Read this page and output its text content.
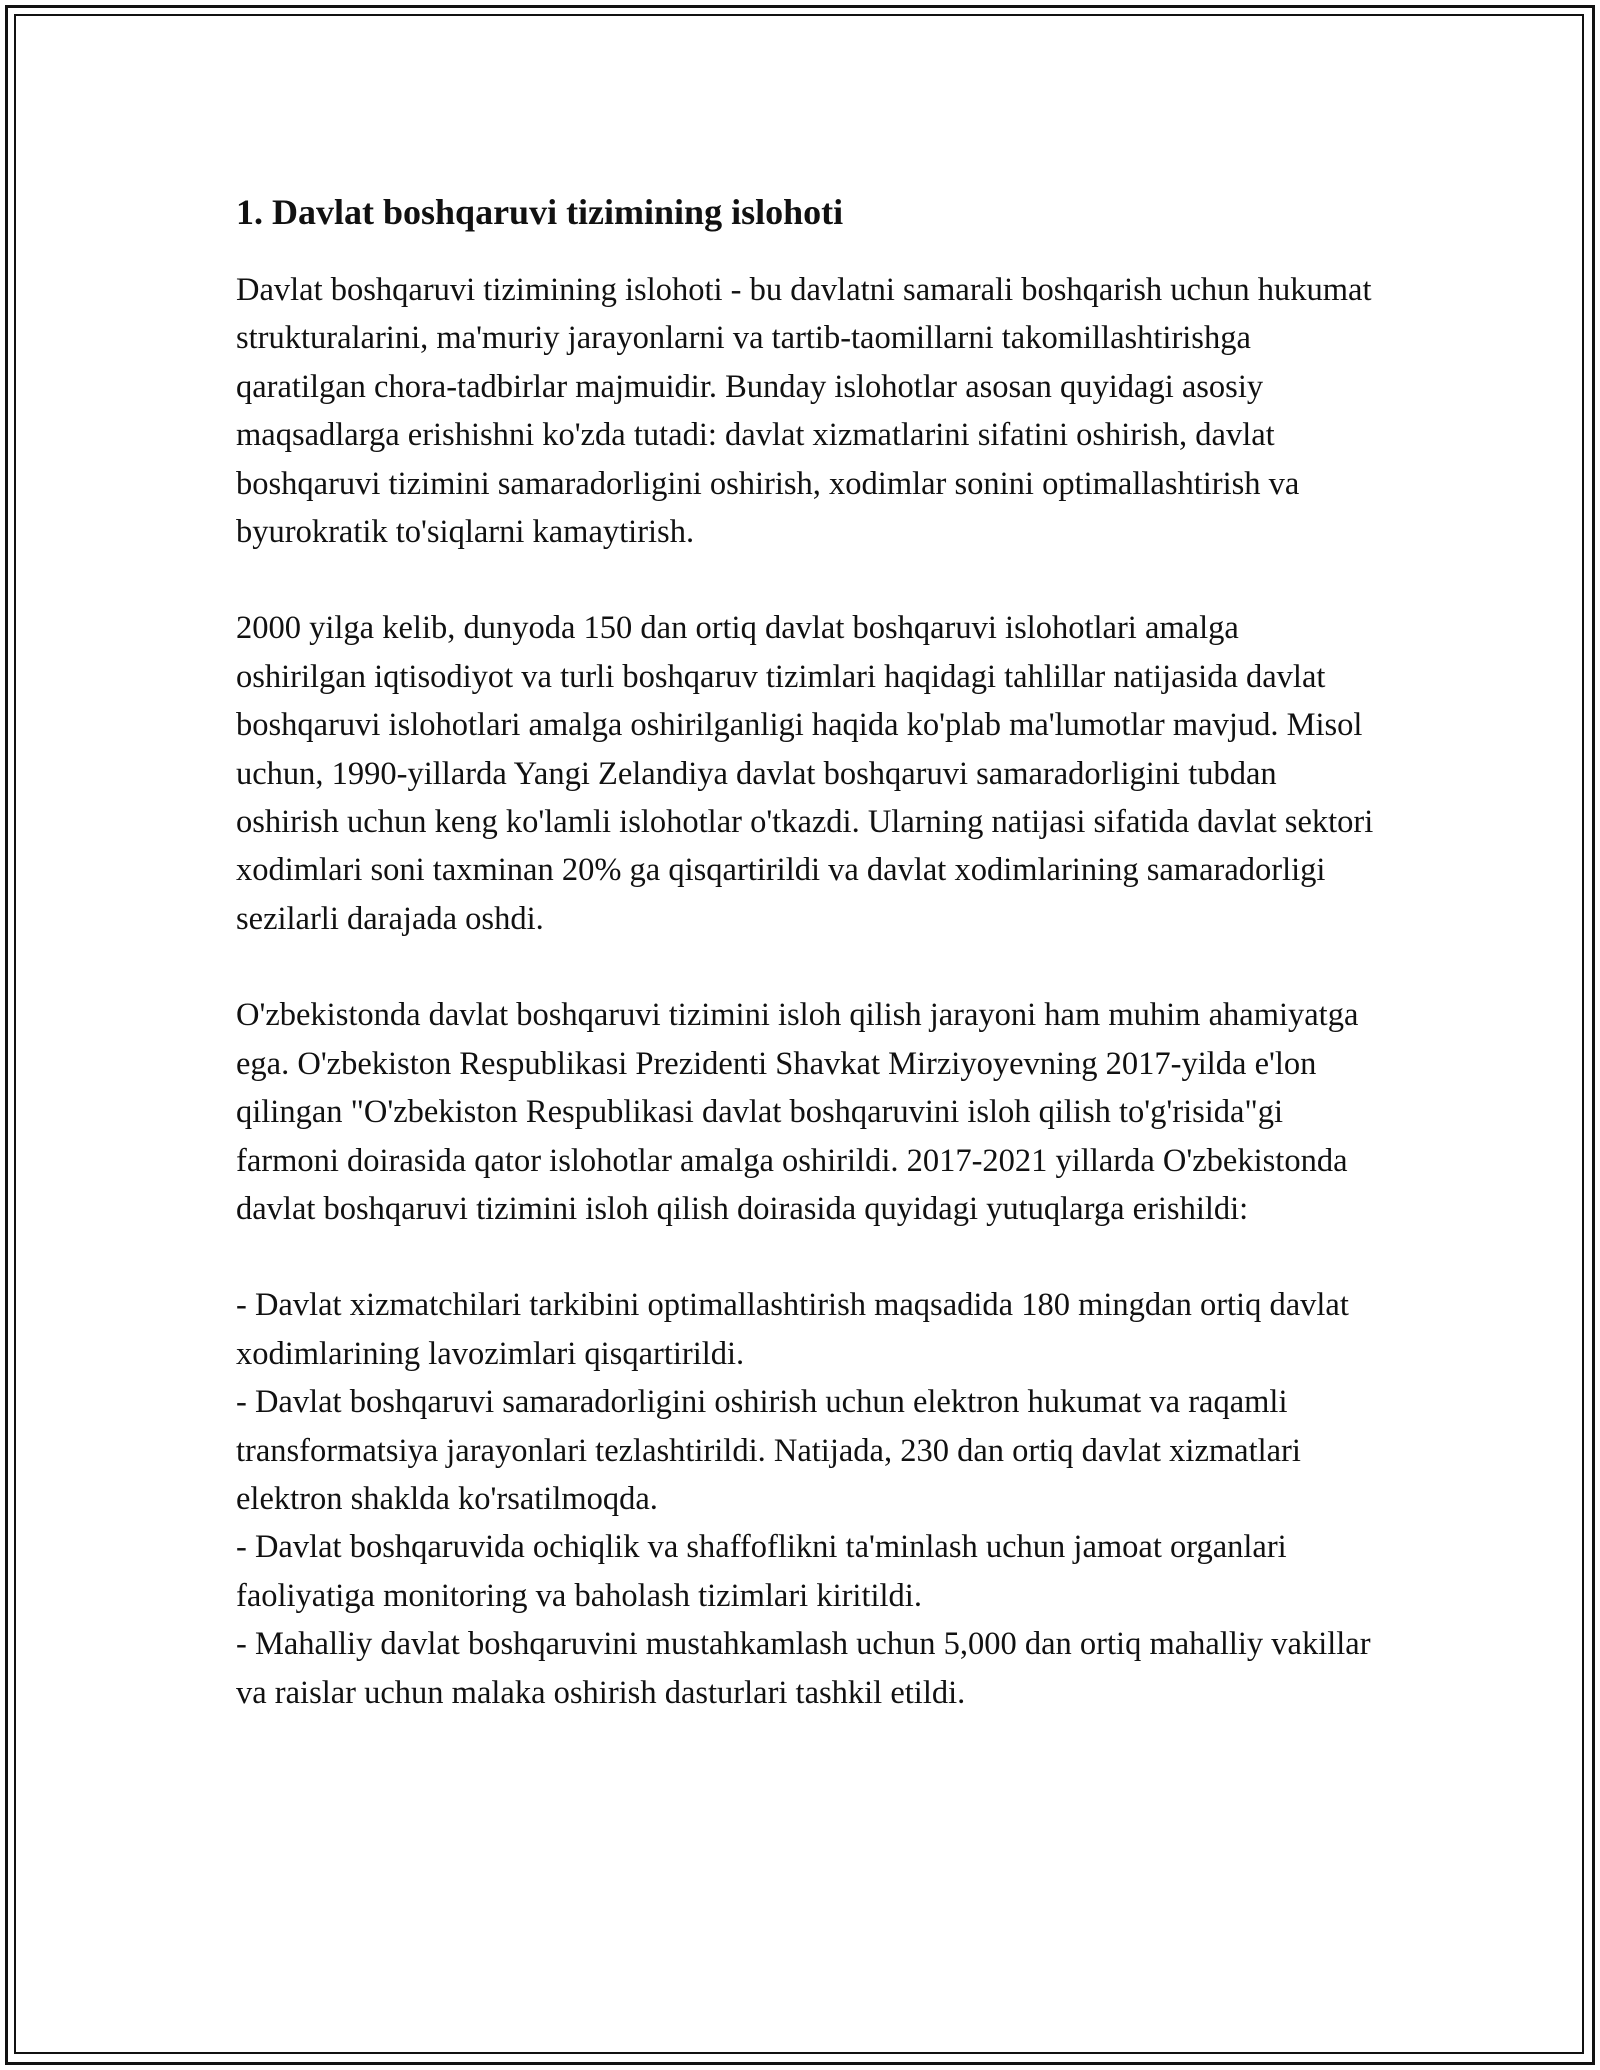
1. Davlat boshqaruvi tizimining islohoti

Davlat boshqaruvi tizimining islohoti - bu davlatni samarali boshqarish uchun hukumat strukturalarini, ma'muriy jarayonlarni va tartib-taomillarni takomillashtirishga qaratilgan chora-tadbirlar majmuidir. Bunday islohotlar asosan quyidagi asosiy maqsadlarga erishishni ko'zda tutadi: davlat xizmatlarini sifatini oshirish, davlat boshqaruvi tizimini samaradorligini oshirish, xodimlar sonini optimallashtirish va byurokratik to'siqlarni kamaytirish.

2000 yilga kelib, dunyoda 150 dan ortiq davlat boshqaruvi islohotlari amalga oshirilgan iqtisodiyot va turli boshqaruv tizimlari haqidagi tahlillar natijasida davlat boshqaruvi islohotlari amalga oshirilganligi haqida ko'plab ma'lumotlar mavjud. Misol uchun, 1990-yillarda Yangi Zelandiya davlat boshqaruvi samaradorligini tubdan oshirish uchun keng ko'lamli islohotlar o'tkazdi. Ularning natijasi sifatida davlat sektori xodimlari soni taxminan 20% ga qisqartirildi va davlat xodimlarining samaradorligi sezilarli darajada oshdi.

O'zbekistonda davlat boshqaruvi tizimini isloh qilish jarayoni ham muhim ahamiyatga ega. O'zbekiston Respublikasi Prezidenti Shavkat Mirziyoyevning 2017-yilda e'lon qilingan "O'zbekiston Respublikasi davlat boshqaruvini isloh qilish to'g'risida"gi farmoni doirasida qator islohotlar amalga oshirildi. 2017-2021 yillarda O'zbekistonda davlat boshqaruvi tizimini isloh qilish doirasida quyidagi yutuqlarga erishildi:

- Davlat xizmatchilari tarkibini optimallashtirish maqsadida 180 mingdan ortiq davlat xodimlarining lavozimlari qisqartirildi.
- Davlat boshqaruvi samaradorligini oshirish uchun elektron hukumat va raqamli transformatsiya jarayonlari tezlashtirildi. Natijada, 230 dan ortiq davlat xizmatlari elektron shaklda ko'rsatilmoqda.
- Davlat boshqaruvida ochiqlik va shaffoflikni ta'minlash uchun jamoat organlari faoliyatiga monitoring va baholash tizimlari kiritildi.
- Mahalliy davlat boshqaruvini mustahkamlash uchun 5,000 dan ortiq mahalliy vakillar va raislar uchun malaka oshirish dasturlari tashkil etildi.
